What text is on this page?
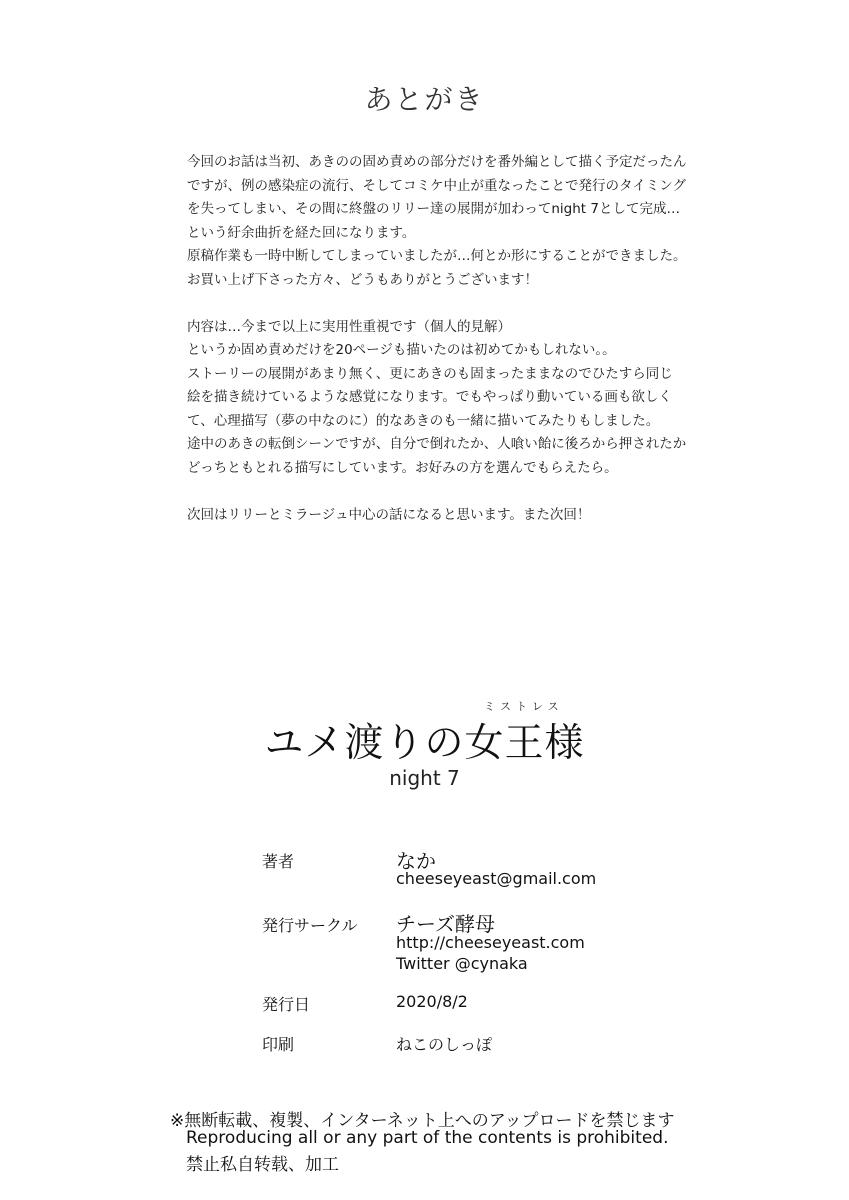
あとがき

今回のお話は当初、あきのの固め責めの部分だけを番外編として描く予定だったん

ですが、例の感染症の流行、そしてコミケ中止が重なったことで発行のタイミング

を失ってしまい、その間に終盤のリリー達の展開が加わってnight 7として完成…

という紆余曲折を経た回になります。

原稿作業も一時中断してしまっていましたが…何とか形にすることができました。

お買い上げ下さった方々、どうもありがとうございます！

内容は…今まで以上に実用性重視です（個人的見解）

というか固め責めだけを20ページも描いたのは初めてかもしれない。。

ストーリーの展開があまり無く、更にあきのも固まったままなのでひたすら同じ

絵を描き続けているような感覚になります。でもやっぱり動いている画も欲しく

て、心理描写（夢の中なのに）的なあきのも一緒に描いてみたりもしました。

途中のあきの転倒シーンですが、自分で倒れたか、人喰い飴に後ろから押されたか

どっちともとれる描写にしています。お好みの方を選んでもらえたら。

次回はリリーとミラージュ中心の話になると思います。また次回！

ミストレス
ユメ渡りの女王様
night 7
著者	なか
cheeseyeast@gmail.com
発行サークル チーズ酵母
http://cheeseyeast.com
Twitter @cynaka
発行日	2020/8/2
印刷	ねこのしっぽ
※無断転載、複製、インターネット上へのアップロードを禁じます
Reproducing all or any part of the contents is prohibited.
禁止私自转载、加工
